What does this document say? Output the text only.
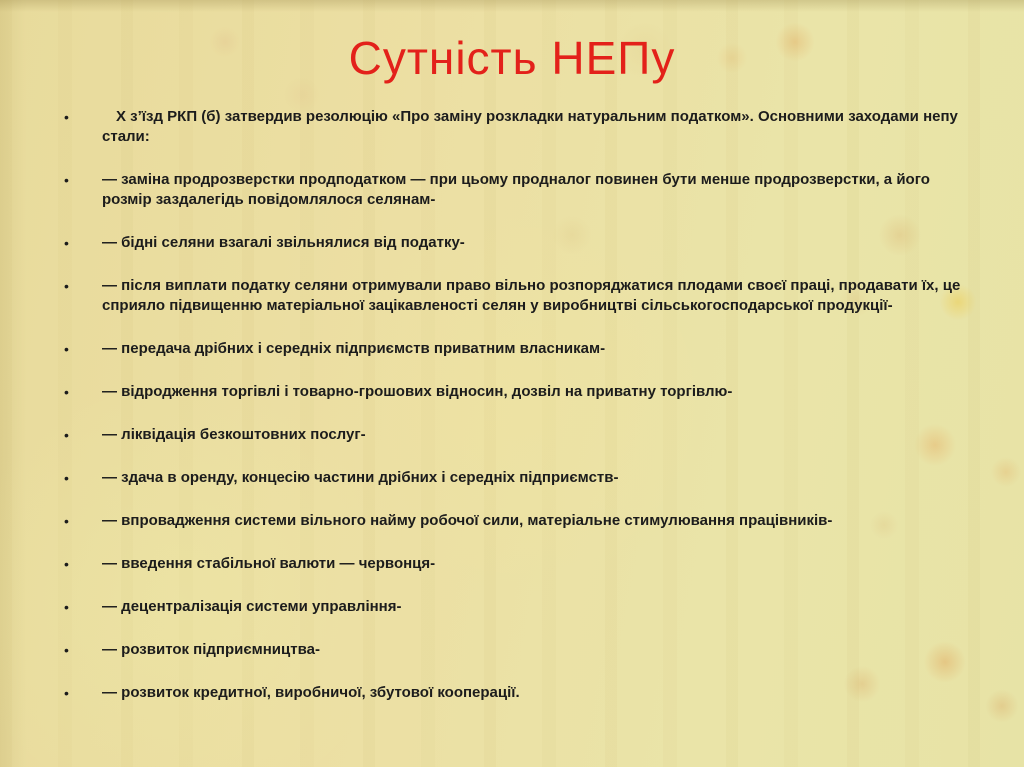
Сутність НЕПу
•	Х з’їзд РКП (б) затвердив резолюцію «Про заміну розкладки натуральним податком». Основними заходами непу стали:
•	— заміна продрозверстки продподатком — при цьому продналог повинен бути менше продрозверстки, а його розмір заздалегідь повідомлялося селянам-
•	— бідні селяни взагалі звільнялися від податку-
•	— після виплати податку селяни отримували право вільно розпоряджатися плодами своєї праці, продавати їх, це сприяло підвищенню матеріальної зацікавленості селян у виробництві сільськогосподарської продукції-
•	— передача дрібних і середніх підприємств приватним власникам-
•	— відродження торгівлі і товарно-грошових відносин, дозвіл на приватну торгівлю-
•	— ліквідація безкоштовних послуг-
•	— здача в оренду, концесію частини дрібних і середніх підприємств-
•	— впровадження системи вільного найму робочої сили, матеріальне стимулювання працівників-
•	— введення стабільної валюти — червонця-
•	— децентралізація системи управління-
•	— розвиток підприємництва-
•	— розвиток кредитної, виробничої, збутової кооперації.
